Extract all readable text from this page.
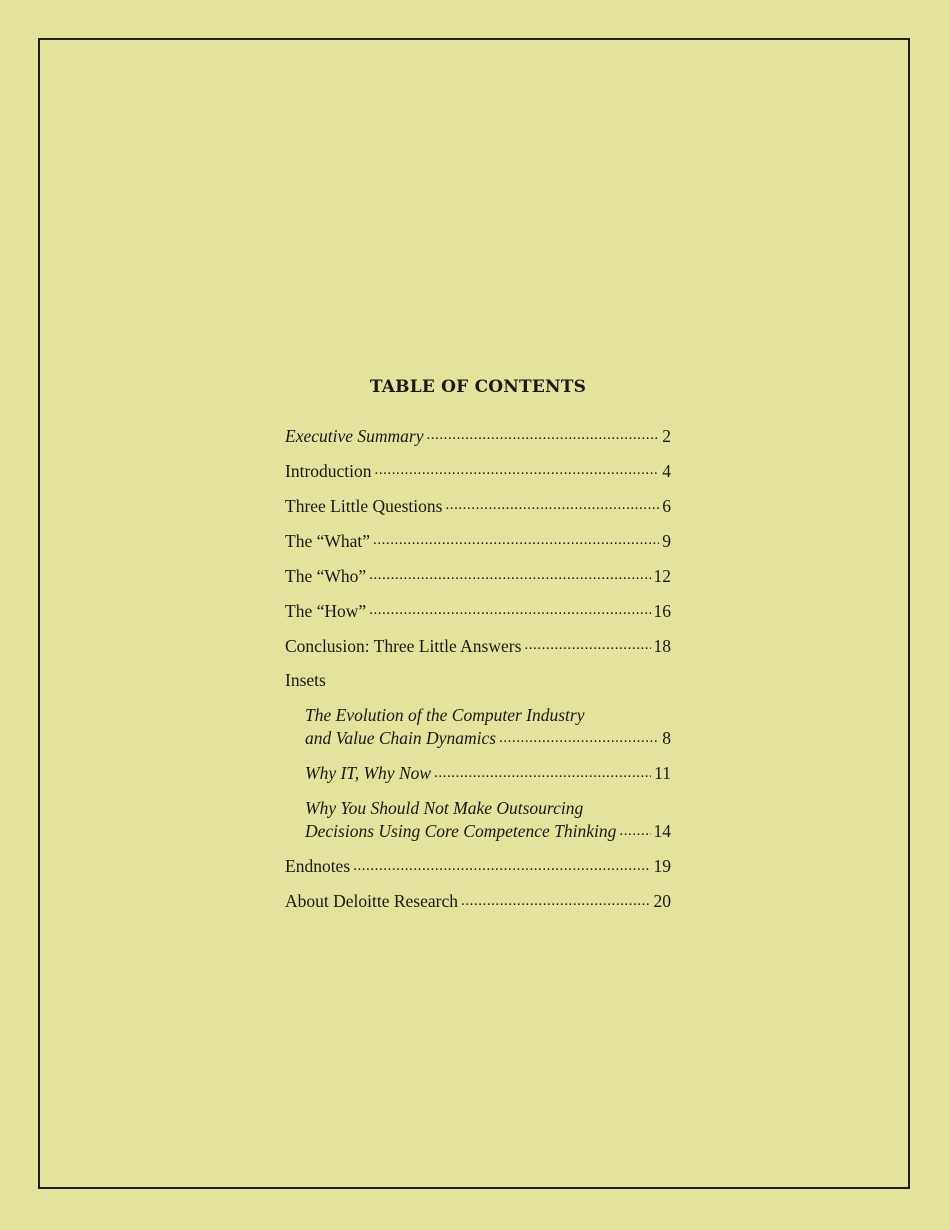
TABLE OF CONTENTS
Executive Summary . . .	2
Introduction . . .	4
Three Little Questions . . .	6
The “What” . . .	9
The “Who” . . .	12
The “How” . . .	16
Conclusion: Three Little Answers . . .	18
Insets
The Evolution of the Computer Industry
and Value Chain Dynamics . . .	8
Why IT, Why Now . . .	11
Why You Should Not Make Outsourcing
Decisions Using Core Competence Thinking . . . 14
Endnotes . . .	19
About Deloitte Research . . .	20
